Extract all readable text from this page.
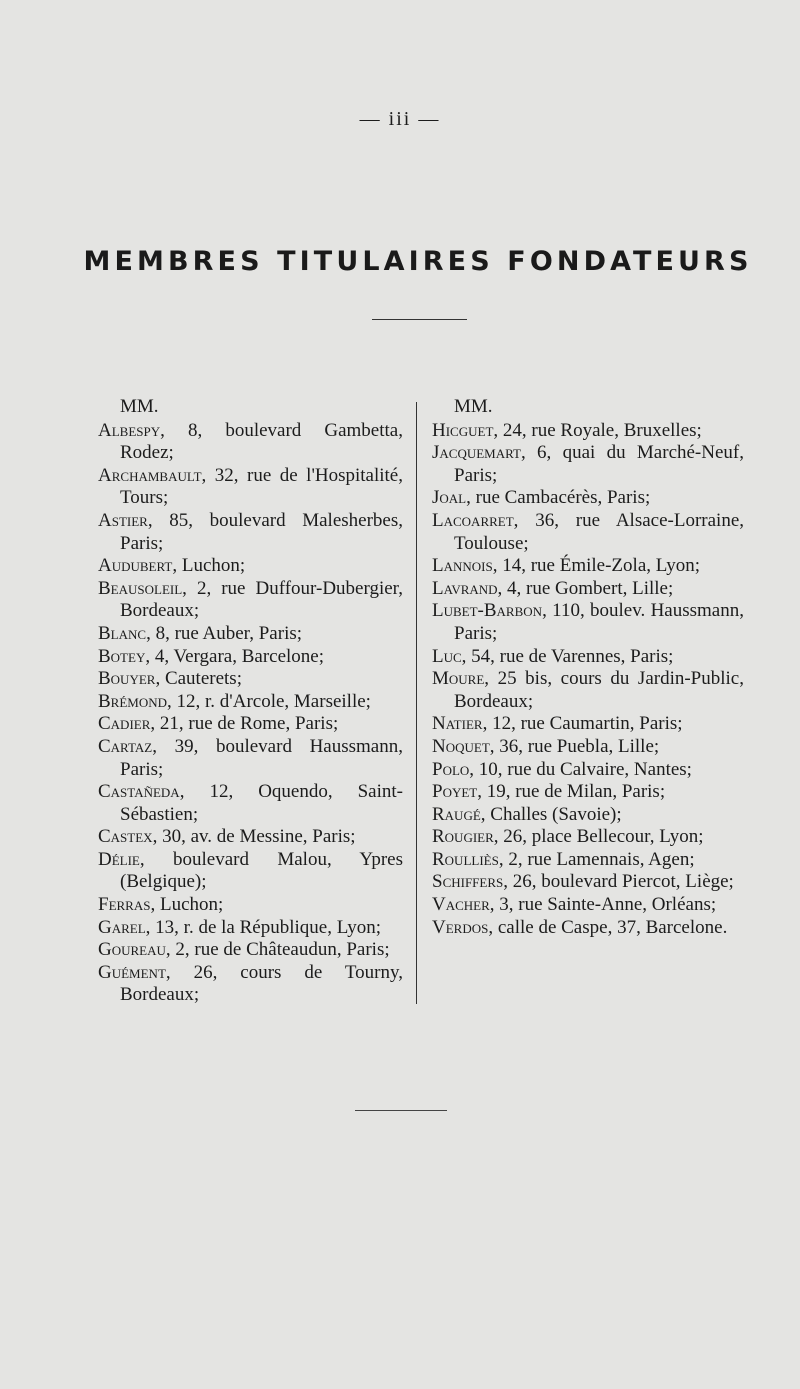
— iii —
MEMBRES TITULAIRES FONDATEURS
MM.
Albespy, 8, boulevard Gambetta, Rodez;
Archambault, 32, rue de l'Hospitalité, Tours;
Astier, 85, boulevard Malesherbes, Paris;
Audubert, Luchon;
Beausoleil, 2, rue Duffour-Dubergier, Bordeaux;
Blanc, 8, rue Auber, Paris;
Botey, 4, Vergara, Barcelone;
Bouyer, Cauterets;
Brémond, 12, r. d'Arcole, Marseille;
Cadier, 21, rue de Rome, Paris;
Cartaz, 39, boulevard Haussmann, Paris;
Castañeda, 12, Oquendo, Saint-Sébastien;
Castex, 30, av. de Messine, Paris;
Délie, boulevard Malou, Ypres (Belgique);
Ferras, Luchon;
Garel, 13, r. de la République, Lyon;
Goureau, 2, rue de Châteaudun, Paris;
Guément, 26, cours de Tourny, Bordeaux;
MM.
Hicguet, 24, rue Royale, Bruxelles;
Jacquemart, 6, quai du Marché-Neuf, Paris;
Joal, rue Cambacérès, Paris;
Lacoarret, 36, rue Alsace-Lorraine, Toulouse;
Lannois, 14, rue Émile-Zola, Lyon;
Lavrand, 4, rue Gombert, Lille;
Lubet-Barbon, 110, boulev. Haussmann, Paris;
Luc, 54, rue de Varennes, Paris;
Moure, 25 bis, cours du Jardin-Public, Bordeaux;
Natier, 12, rue Caumartin, Paris;
Noquet, 36, rue Puebla, Lille;
Polo, 10, rue du Calvaire, Nantes;
Poyet, 19, rue de Milan, Paris;
Raugé, Challes (Savoie);
Rougier, 26, place Bellecour, Lyon;
Roulliès, 2, rue Lamennais, Agen;
Schiffers, 26, boulevard Piercot, Liège;
Vacher, 3, rue Sainte-Anne, Orléans;
Verdos, calle de Caspe, 37, Barcelone.
